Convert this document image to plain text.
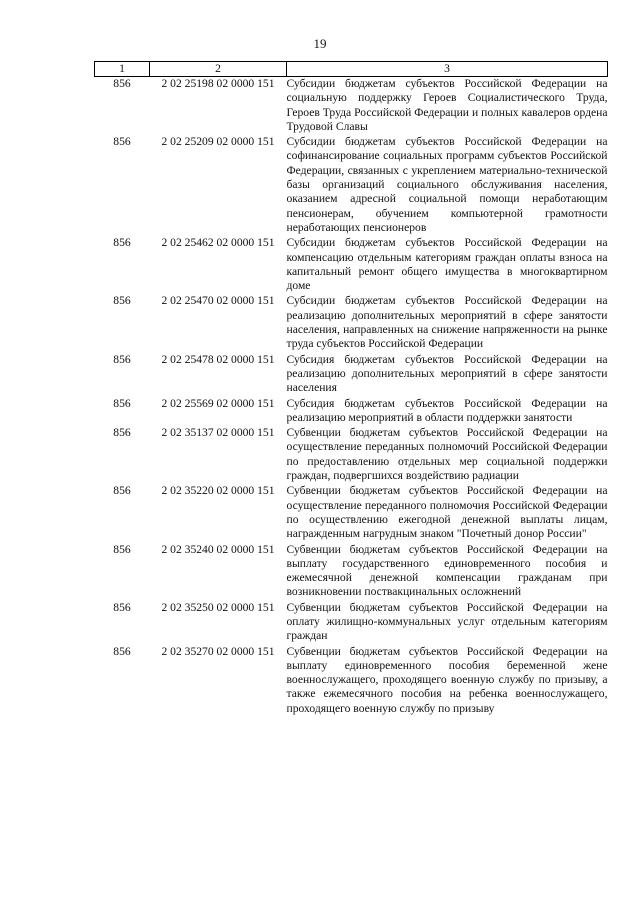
19
1	2	3
856	2 02 25198 02 0000 151	Субсидии бюджетам субъектов Российской Федерации на социальную поддержку Героев Социалистического Труда, Героев Труда Российской Федерации и полных кавалеров ордена Трудовой Славы
856	2 02 25209 02 0000 151	Субсидии бюджетам субъектов Российской Федерации на софинансирование социальных программ субъектов Российской Федерации, связанных с укреплением материально-технической базы организаций социального обслуживания населения, оказанием адресной социальной помощи неработающим пенсионерам, обучением компьютерной грамотности неработающих пенсионеров
856	2 02 25462 02 0000 151	Субсидии бюджетам субъектов Российской Федерации на компенсацию отдельным категориям граждан оплаты взноса на капитальный ремонт общего имущества в многоквартирном доме
856	2 02 25470 02 0000 151	Субсидии бюджетам субъектов Российской Федерации на реализацию дополнительных мероприятий в сфере занятости населения, направленных на снижение напряженности на рынке труда субъектов Российской Федерации
856	2 02 25478 02 0000 151	Субсидия бюджетам субъектов Российской Федерации на реализацию дополнительных мероприятий в сфере занятости населения
856	2 02 25569 02 0000 151	Субсидия бюджетам субъектов Российской Федерации на реализацию мероприятий в области поддержки занятости
856	2 02 35137 02 0000 151	Субвенции бюджетам субъектов Российской Федерации на осуществление переданных полномочий Российской Федерации по предоставлению отдельных мер социальной поддержки граждан, подвергшихся воздействию радиации
856	2 02 35220 02 0000 151	Субвенции бюджетам субъектов Российской Федерации на осуществление переданного полномочия Российской Федерации по осуществлению ежегодной денежной выплаты лицам, награжденным нагрудным знаком "Почетный донор России"
856	2 02 35240 02 0000 151	Субвенции бюджетам субъектов Российской Федерации на выплату государственного единовременного пособия и ежемесячной денежной компенсации гражданам при возникновении поствакцинальных осложнений
856	2 02 35250 02 0000 151	Субвенции бюджетам субъектов Российской Федерации на оплату жилищно-коммунальных услуг отдельным категориям граждан
856	2 02 35270 02 0000 151	Субвенции бюджетам субъектов Российской Федерации на выплату единовременного пособия беременной жене военнослужащего, проходящего военную службу по призыву, а также ежемесячного пособия на ребенка военнослужащего, проходящего военную службу по призыву
